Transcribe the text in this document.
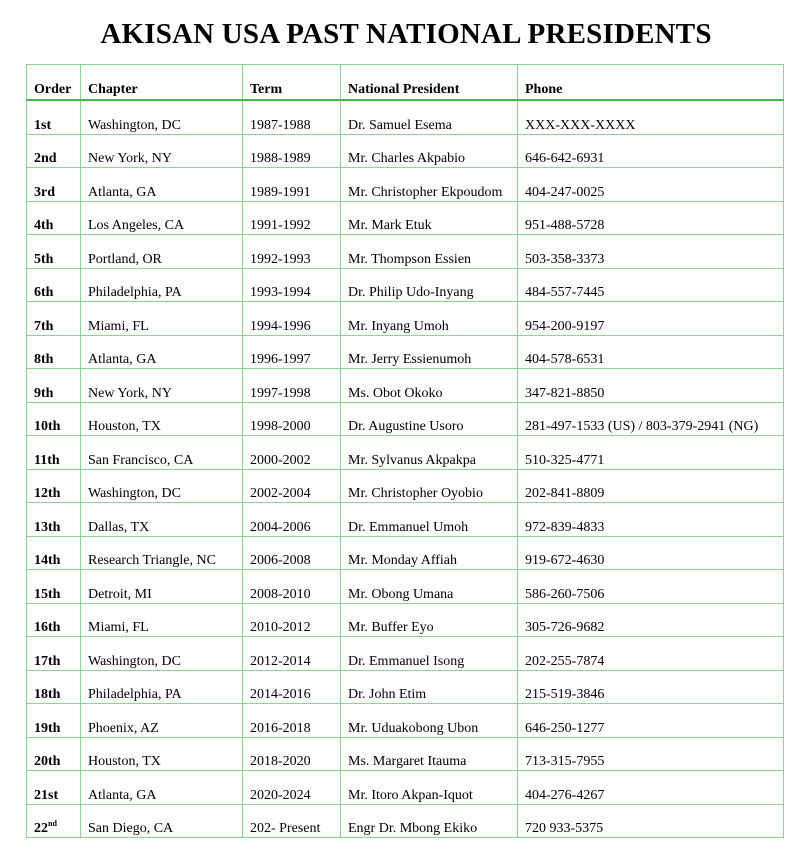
AKISAN USA PAST NATIONAL PRESIDENTS
Order	Chapter	Term	National President	Phone
1st	Washington, DC	1987-1988	Dr. Samuel Esema	XXX-XXX-XXXX
2nd	New York, NY	1988-1989	Mr. Charles Akpabio	646-642-6931
3rd	Atlanta, GA	1989-1991	Mr. Christopher Ekpoudom	404-247-0025
4th	Los Angeles, CA	1991-1992	Mr. Mark Etuk	951-488-5728
5th	Portland, OR	1992-1993	Mr. Thompson Essien	503-358-3373
6th	Philadelphia, PA	1993-1994	Dr. Philip Udo-Inyang	484-557-7445
7th	Miami, FL	1994-1996	Mr. Inyang Umoh	954-200-9197
8th	Atlanta, GA	1996-1997	Mr. Jerry Essienumoh	404-578-6531
9th	New York, NY	1997-1998	Ms. Obot Okoko	347-821-8850
10th	Houston, TX	1998-2000	Dr. Augustine Usoro	281-497-1533 (US) / 803-379-2941 (NG)
11th	San Francisco, CA	2000-2002	Mr. Sylvanus Akpakpa	510-325-4771
12th	Washington, DC	2002-2004	Mr. Christopher Oyobio	202-841-8809
13th	Dallas, TX	2004-2006	Dr. Emmanuel Umoh	972-839-4833
14th	Research Triangle, NC	2006-2008	Mr. Monday Affiah	919-672-4630
15th	Detroit, MI	2008-2010	Mr. Obong Umana	586-260-7506
16th	Miami, FL	2010-2012	Mr. Buffer Eyo	305-726-9682
17th	Washington, DC	2012-2014	Dr. Emmanuel Isong	202-255-7874
18th	Philadelphia, PA	2014-2016	Dr. John Etim	215-519-3846
19th	Phoenix, AZ	2016-2018	Mr. Uduakobong Ubon	646-250-1277
20th	Houston, TX	2018-2020	Ms. Margaret Itauma	713-315-7955
21st	Atlanta, GA	2020-2024	Mr. Itoro Akpan-Iquot	404-276-4267
22nd	San Diego, CA	202- Present	Engr Dr. Mbong Ekiko	720 933-5375
